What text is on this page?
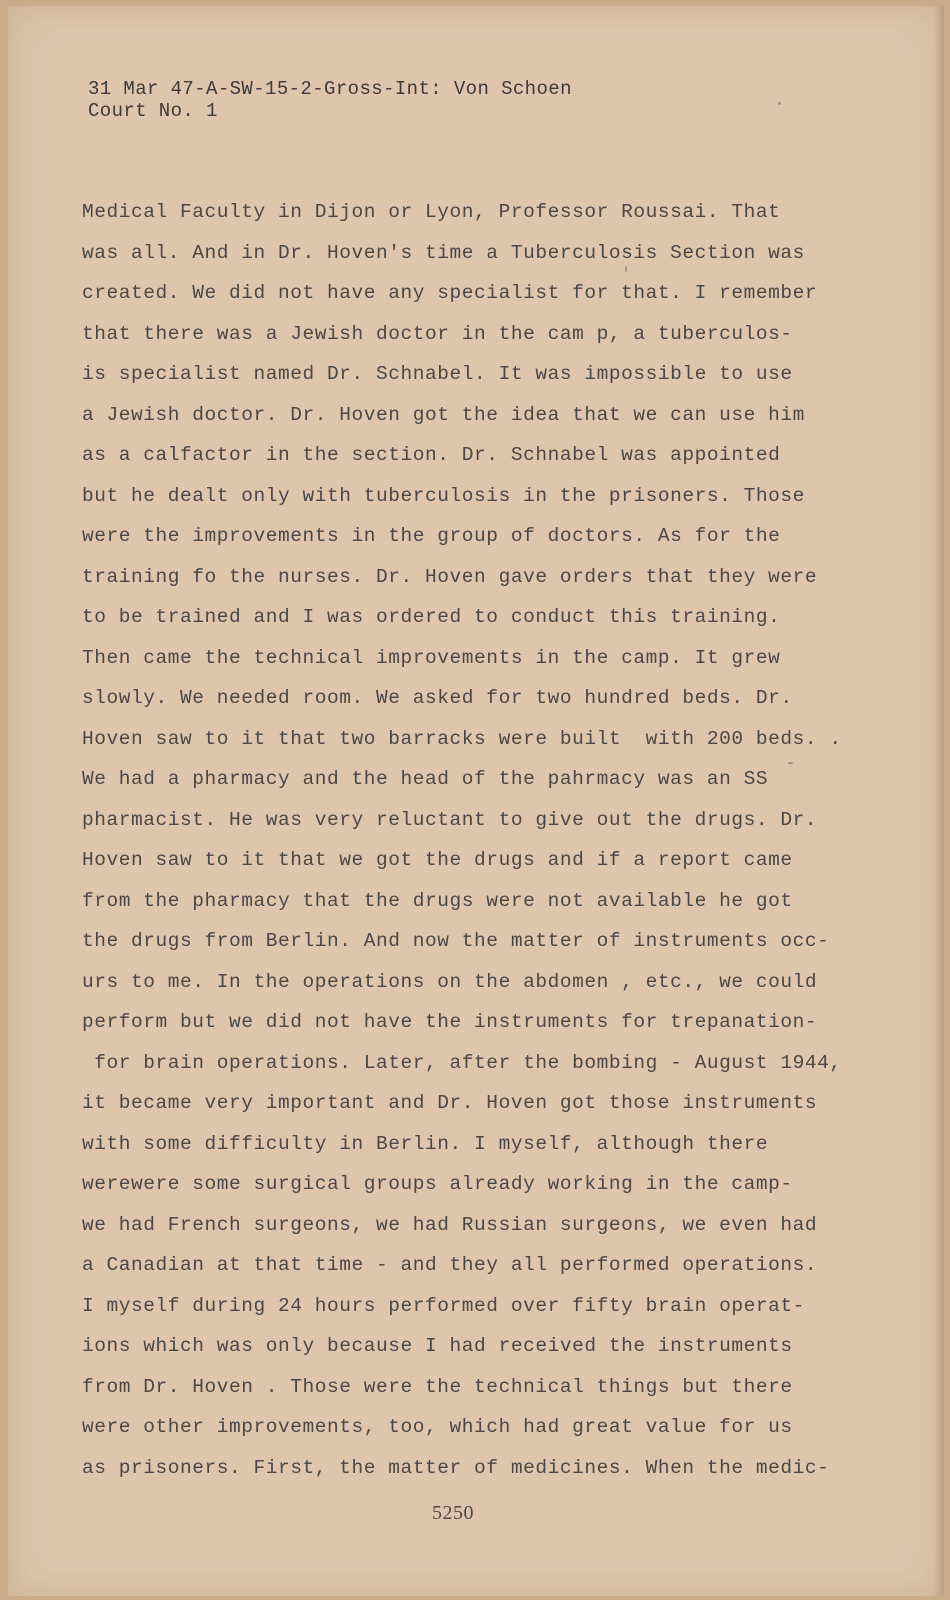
31 Mar 47-A-SW-15-2-Gross-Int: Von Schoen
Court No. 1
Medical Faculty in Dijon or Lyon, Professor Roussai. That
was all. And in Dr. Hoven's time a Tuberculosis Section was
created. We did not have any specialist for that. I remember
that there was a Jewish doctor in the cam p, a tuberculos-
is specialist named Dr. Schnabel. It was impossible to use
a Jewish doctor. Dr. Hoven got the idea that we can use him
as a calfactor in the section. Dr. Schnabel was appointed
but he dealt only with tuberculosis in the prisoners. Those
were the improvements in the group of doctors. As for the
training fo the nurses. Dr. Hoven gave orders that they were
to be trained and I was ordered to conduct this training.
Then came the technical improvements in the camp. It grew
slowly. We needed room. We asked for two hundred beds. Dr.
Hoven saw to it that two barracks were built  with 200 beds. .
We had a pharmacy and the head of the pahrmacy was an SS
pharmacist. He was very reluctant to give out the drugs. Dr.
Hoven saw to it that we got the drugs and if a report came
from the pharmacy that the drugs were not available he got
the drugs from Berlin. And now the matter of instruments occ-
urs to me. In the operations on the abdomen , etc., we could
perform but we did not have the instruments for trepanation-
for brain operations. Later, after the bombing - August 1944,
it became very important and Dr. Hoven got those instruments
with some difficulty in Berlin. I myself, although there
werewere some surgical groups already working in the camp-
we had French surgeons, we had Russian surgeons, we even had
a Canadian at that time - and they all performed operations.
I myself during 24 hours performed over fifty brain operat-
ions which was only because I had received the instruments
from Dr. Hoven . Those were the technical things but there
were other improvements, too, which had great value for us
as prisoners. First, the matter of medicines. When the medic-
5250
